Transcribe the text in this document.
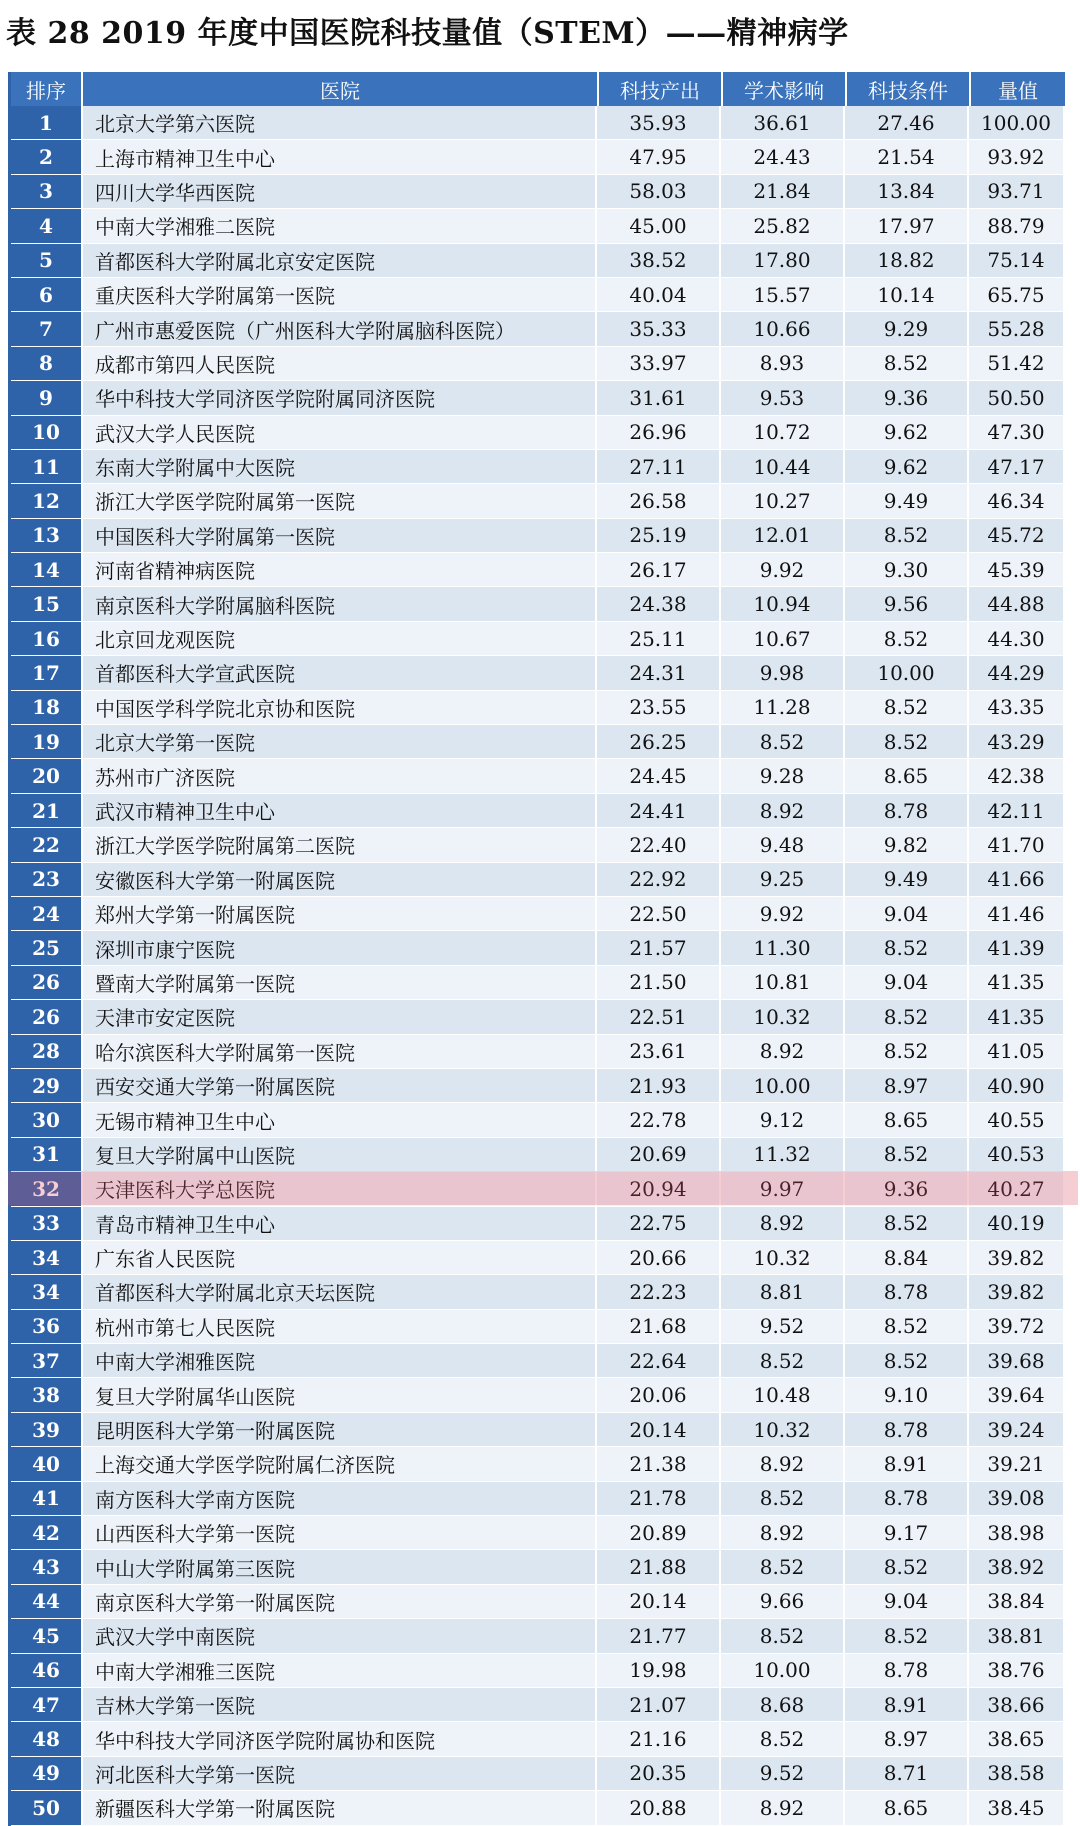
表 28 2019 年度中国医院科技量值（STEM）——精神病学
排序	医院	科技产出	学术影响	科技条件	量值
1	北京大学第六医院	35.93	36.61	27.46	100.00
2	上海市精神卫生中心	47.95	24.43	21.54	93.92
3	四川大学华西医院	58.03	21.84	13.84	93.71
4	中南大学湘雅二医院	45.00	25.82	17.97	88.79
5	首都医科大学附属北京安定医院	38.52	17.80	18.82	75.14
6	重庆医科大学附属第一医院	40.04	15.57	10.14	65.75
7	广州市惠爱医院（广州医科大学附属脑科医院）	35.33	10.66	9.29	55.28
8	成都市第四人民医院	33.97	8.93	8.52	51.42
9	华中科技大学同济医学院附属同济医院	31.61	9.53	9.36	50.50
10	武汉大学人民医院	26.96	10.72	9.62	47.30
11	东南大学附属中大医院	27.11	10.44	9.62	47.17
12	浙江大学医学院附属第一医院	26.58	10.27	9.49	46.34
13	中国医科大学附属第一医院	25.19	12.01	8.52	45.72
14	河南省精神病医院	26.17	9.92	9.30	45.39
15	南京医科大学附属脑科医院	24.38	10.94	9.56	44.88
16	北京回龙观医院	25.11	10.67	8.52	44.30
17	首都医科大学宣武医院	24.31	9.98	10.00	44.29
18	中国医学科学院北京协和医院	23.55	11.28	8.52	43.35
19	北京大学第一医院	26.25	8.52	8.52	43.29
20	苏州市广济医院	24.45	9.28	8.65	42.38
21	武汉市精神卫生中心	24.41	8.92	8.78	42.11
22	浙江大学医学院附属第二医院	22.40	9.48	9.82	41.70
23	安徽医科大学第一附属医院	22.92	9.25	9.49	41.66
24	郑州大学第一附属医院	22.50	9.92	9.04	41.46
25	深圳市康宁医院	21.57	11.30	8.52	41.39
26	暨南大学附属第一医院	21.50	10.81	9.04	41.35
26	天津市安定医院	22.51	10.32	8.52	41.35
28	哈尔滨医科大学附属第一医院	23.61	8.92	8.52	41.05
29	西安交通大学第一附属医院	21.93	10.00	8.97	40.90
30	无锡市精神卫生中心	22.78	9.12	8.65	40.55
31	复旦大学附属中山医院	20.69	11.32	8.52	40.53
32	天津医科大学总医院	20.94	9.97	9.36	40.27
33	青岛市精神卫生中心	22.75	8.92	8.52	40.19
34	广东省人民医院	20.66	10.32	8.84	39.82
34	首都医科大学附属北京天坛医院	22.23	8.81	8.78	39.82
36	杭州市第七人民医院	21.68	9.52	8.52	39.72
37	中南大学湘雅医院	22.64	8.52	8.52	39.68
38	复旦大学附属华山医院	20.06	10.48	9.10	39.64
39	昆明医科大学第一附属医院	20.14	10.32	8.78	39.24
40	上海交通大学医学院附属仁济医院	21.38	8.92	8.91	39.21
41	南方医科大学南方医院	21.78	8.52	8.78	39.08
42	山西医科大学第一医院	20.89	8.92	9.17	38.98
43	中山大学附属第三医院	21.88	8.52	8.52	38.92
44	南京医科大学第一附属医院	20.14	9.66	9.04	38.84
45	武汉大学中南医院	21.77	8.52	8.52	38.81
46	中南大学湘雅三医院	19.98	10.00	8.78	38.76
47	吉林大学第一医院	21.07	8.68	8.91	38.66
48	华中科技大学同济医学院附属协和医院	21.16	8.52	8.97	38.65
49	河北医科大学第一医院	20.35	9.52	8.71	38.58
50	新疆医科大学第一附属医院	20.88	8.92	8.65	38.45
